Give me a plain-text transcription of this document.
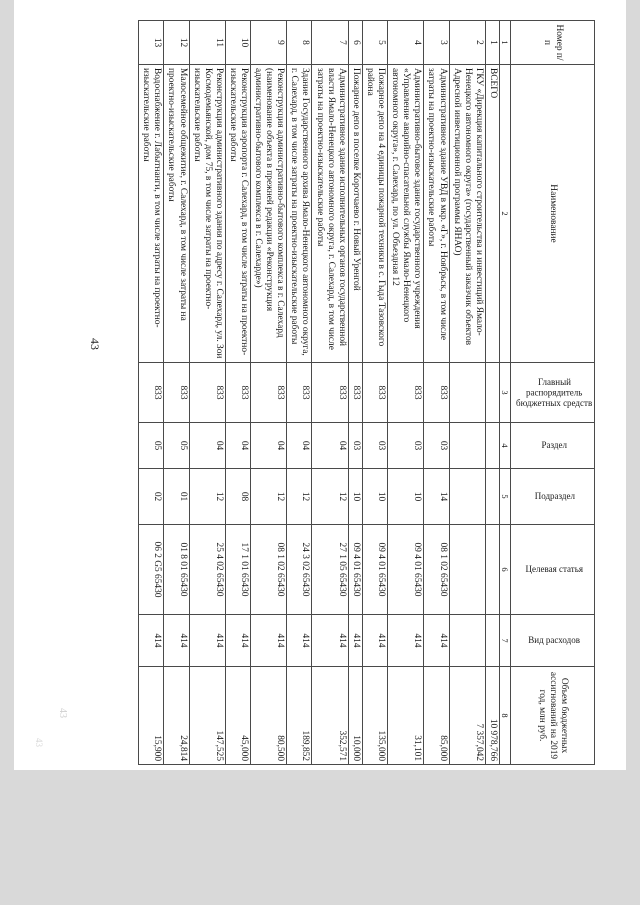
43
43
43
Номер п/п	Наименование	Главный распорядитель бюджетных средств	Раздел	Подраздел	Целевая статья	Вид расходов	Объем бюджетных ассигнований на 2019 год, млн руб.
1	2	3	4	5	6	7	8
1	ВСЕГО						10 978,766
2	ГКУ «Дирекция капитального строительства и инвестиций Ямало-Ненецкого автономного округа» (государственный заказчик объектов Адресной инвестиционной программы ЯНАО)						7 357,042
3	Административное здание УВД в мкр. «Г», г. Ноябрьск, в том числе затраты на проектно-изыскательские работы	833	03	14	08 1 02 65430	414	85,000
4	Административно-бытовое здание государственного учреждения «Управление аварийно-спасательной службы Ямало-Ненецкого автономного округа», г. Салехард, по ул. Объездная 12	833	03	10	09 4 01 65430	414	31,101
5	Пожарное депо на 4 единицы пожарной техники в с. Гыда Тазовского района	833	03	10	09 4 01 65430	414	135,000
6	Пожарное депо в поселке Коротчаево г. Новый Уренгой	833	03	10	09 4 01 65430	414	10,000
7	Административное здание исполнительных органов государственной власти Ямало-Ненецкого автономного округа, г. Салехард, в том числе затраты на проектно-изыскательские работы	833	04	12	27 1 05 65430	414	352,571
8	Здание Государственного архива Ямало-Ненецкого автономного округа, г. Салехард, в том числе затраты на проектно-изыскательские работы	833	04	12	24 3 02 65430	414	189,852
9	Реконструкция административно-бытового комплекса в г. Салехард (наименование объекта в прежней редакции «Реконструкция административно-бытового комплекса в г. Салехарде»)	833	04	12	08 1 02 65430	414	80,500
10	Реконструкция аэропорта г. Салехард, в том числе затраты на проектно-изыскательские работы	833	04	08	17 1 01 65430	414	45,000
11	Реконструкция административного здания по адресу г. Салехард, ул. Зои Космодемьянской, дом 75, в том числе затраты на проектно-изыскательские работы	833	04	12	25 4 02 65430	414	147,525
12	Малосемейное общежитие, г. Салехард, в том числе затраты на проектно-изыскательские работы	833	05	01	01 8 01 65430	414	24,814
13	Водоснабжение г. Лабытнанги, в том числе затраты на проектно-изыскательские работы	833	05	02	06 2 G5 65430	414	15,900
